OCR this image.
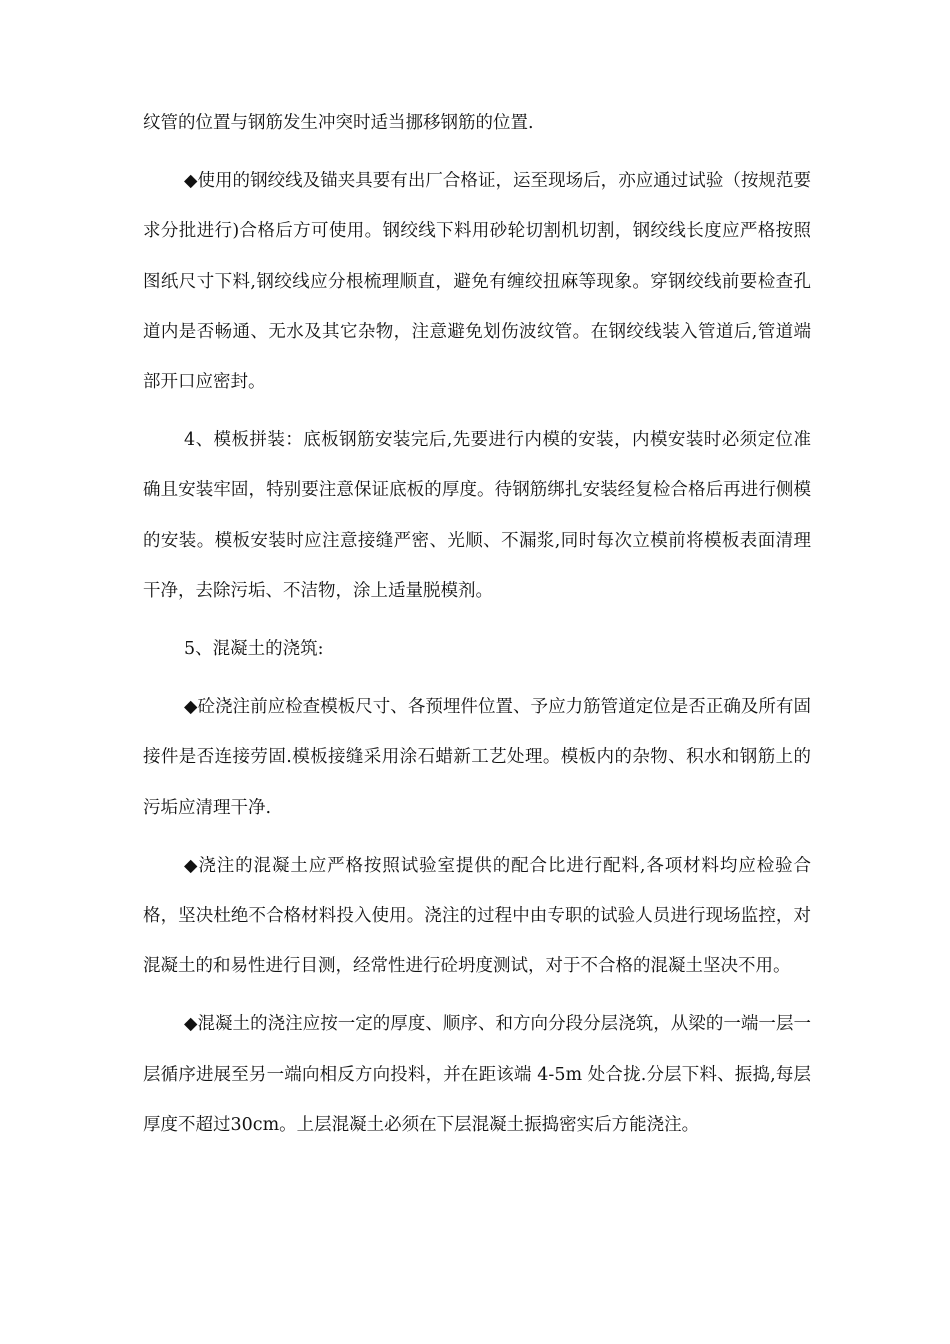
纹管的位置与钢筋发生冲突时适当挪移钢筋的位置.

◆使用的钢绞线及锚夹具要有出厂合格证，运至现场后，亦应通过试验（按规范要求分批进行)合格后方可使用。钢绞线下料用砂轮切割机切割，钢绞线长度应严格按照图纸尺寸下料,钢绞线应分根梳理顺直，避免有缠绞扭麻等现象。穿钢绞线前要检查孔道内是否畅通、无水及其它杂物，注意避免划伤波纹管。在钢绞线装入管道后,管道端部开口应密封。

4、模板拼装：底板钢筋安装完后,先要进行内模的安装，内模安装时必须定位准确且安装牢固，特别要注意保证底板的厚度。待钢筋绑扎安装经复检合格后再进行侧模的安装。模板安装时应注意接缝严密、光顺、不漏浆,同时每次立模前将模板表面清理干净，去除污垢、不洁物，涂上适量脱模剂。

5、混凝土的浇筑:

◆砼浇注前应检查模板尺寸、各预埋件位置、予应力筋管道定位是否正确及所有固接件是否连接劳固.模板接缝采用涂石蜡新工艺处理。模板内的杂物、积水和钢筋上的污垢应清理干净.

◆浇注的混凝土应严格按照试验室提供的配合比进行配料,各项材料均应检验合格，坚决杜绝不合格材料投入使用。浇注的过程中由专职的试验人员进行现场监控，对混凝土的和易性进行目测，经常性进行砼坍度测试，对于不合格的混凝土坚决不用。

◆混凝土的浇注应按一定的厚度、顺序、和方向分段分层浇筑，从梁的一端一层一层循序进展至另一端向相反方向投料，并在距该端 4-5m 处合拢.分层下料、振捣,每层厚度不超过30cm。上层混凝土必须在下层混凝土振捣密实后方能浇注。
